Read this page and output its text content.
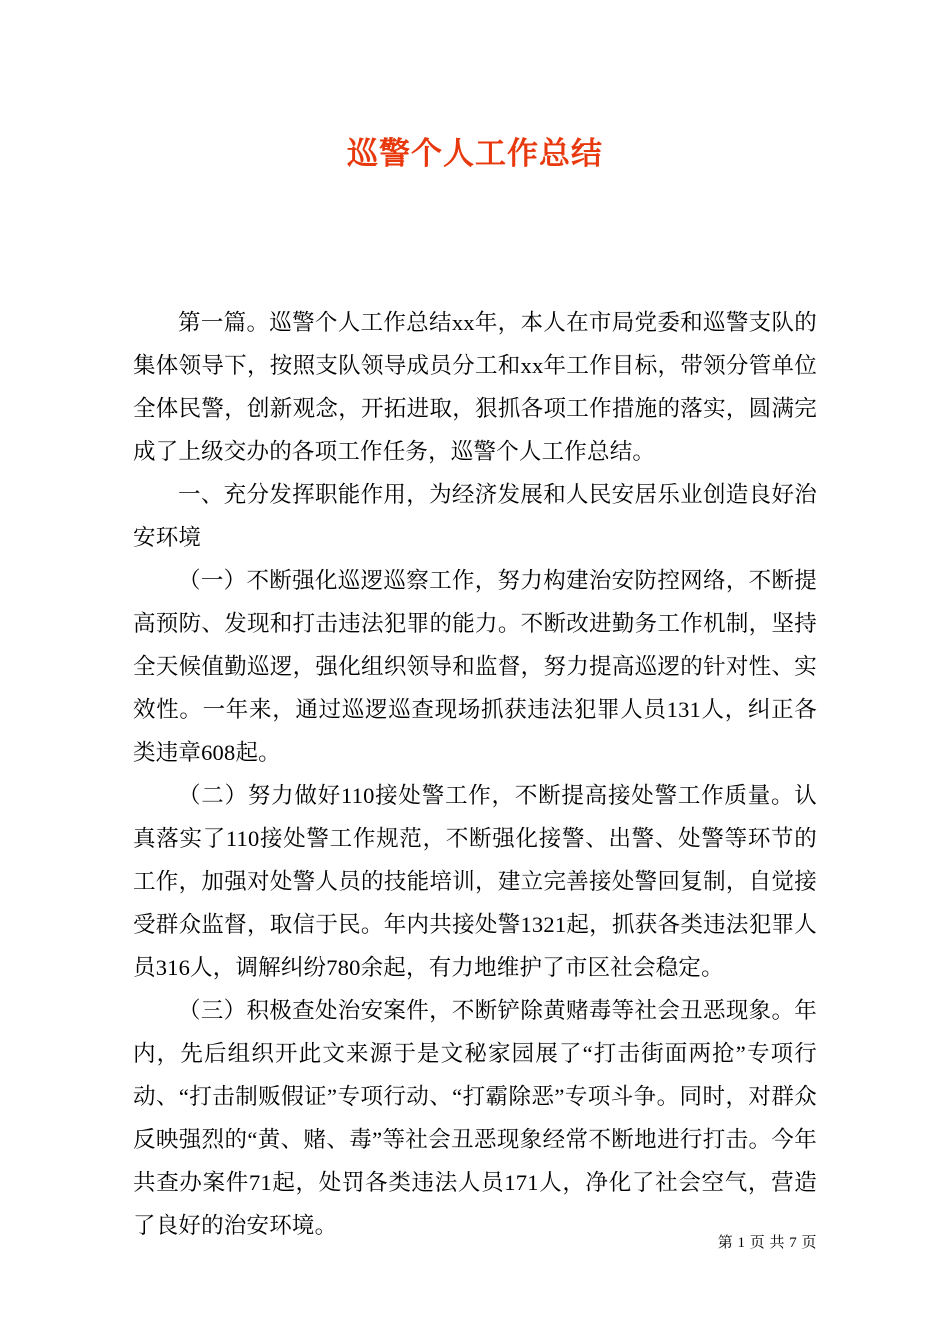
巡警个人工作总结

第一篇。巡警个人工作总结xx年，本人在市局党委和巡警支队的集体领导下，按照支队领导成员分工和xx年工作目标，带领分管单位全体民警，创新观念，开拓进取，狠抓各项工作措施的落实，圆满完成了上级交办的各项工作任务，巡警个人工作总结。

一、充分发挥职能作用，为经济发展和人民安居乐业创造良好治安环境

（一）不断强化巡逻巡察工作，努力构建治安防控网络，不断提高预防、发现和打击违法犯罪的能力。不断改进勤务工作机制，坚持全天候值勤巡逻，强化组织领导和监督，努力提高巡逻的针对性、实效性。一年来，通过巡逻巡查现场抓获违法犯罪人员131人，纠正各类违章608起。

（二）努力做好110接处警工作，不断提高接处警工作质量。认真落实了110接处警工作规范，不断强化接警、出警、处警等环节的工作，加强对处警人员的技能培训，建立完善接处警回复制，自觉接受群众监督，取信于民。年内共接处警1321起，抓获各类违法犯罪人员316人，调解纠纷780余起，有力地维护了市区社会稳定。

（三）积极查处治安案件，不断铲除黄赌毒等社会丑恶现象。年内，先后组织开此文来源于是文秘家园展了“打击街面两抢”专项行动、“打击制贩假证”专项行动、“打霸除恶”专项斗争。同时，对群众反映强烈的“黄、赌、毒”等社会丑恶现象经常不断地进行打击。今年共查办案件71起，处罚各类违法人员171人，净化了社会空气，营造了良好的治安环境。

第 1 页 共 7 页
